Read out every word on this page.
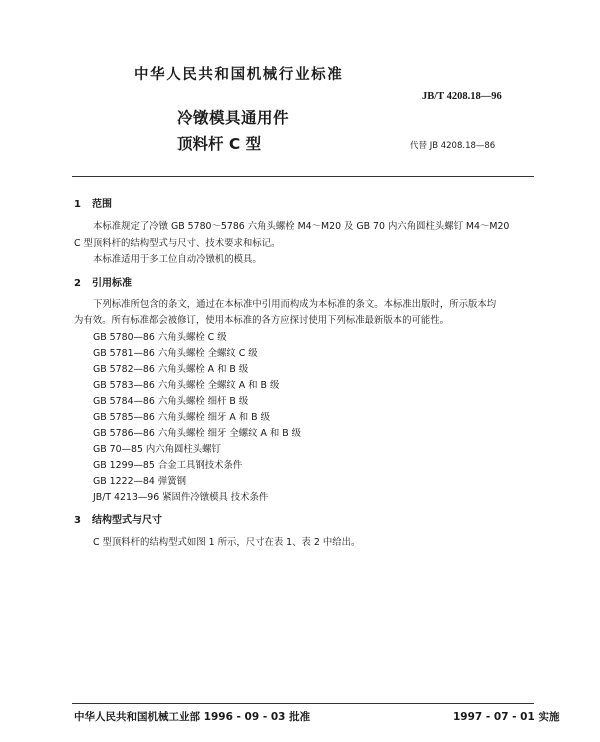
中华人民共和国机械行业标准
JB/T 4208.18—96
冷镦模具通用件
顶料杆 C 型	代替 JB 4208.18—86
1 范围
本标准规定了冷镦 GB 5780～5786 六角头螺栓 M4～M20 及 GB 70 内六角圆柱头螺钉 M4～M20
C 型顶料杆的结构型式与尺寸、技术要求和标记。
本标准适用于多工位自动冷镦机的模具。
2 引用标准
下列标准所包含的条文，通过在本标准中引用而构成为本标准的条文。本标准出版时，所示版本均
为有效。所有标准都会被修订，使用本标准的各方应探讨使用下列标准最新版本的可能性。
GB 5780—86 六角头螺栓 C 级
GB 5781—86 六角头螺栓 全螺纹 C 级
GB 5782—86 六角头螺栓 A 和 B 级
GB 5783—86 六角头螺栓 全螺纹 A 和 B 级
GB 5784—86 六角头螺栓 细杆 B 级
GB 5785—86 六角头螺栓 细牙 A 和 B 级
GB 5786—86 六角头螺栓 细牙 全螺纹 A 和 B 级
GB 70—85 内六角圆柱头螺钉
GB 1299—85 合金工具钢技术条件
GB 1222—84 弹簧钢
JB/T 4213—96 紧固件冷镦模具 技术条件
3 结构型式与尺寸
C 型顶料杆的结构型式如图 1 所示，尺寸在表 1、表 2 中给出。
中华人民共和国机械工业部 1996 - 09 - 03 批准	1997 - 07 - 01 实施
